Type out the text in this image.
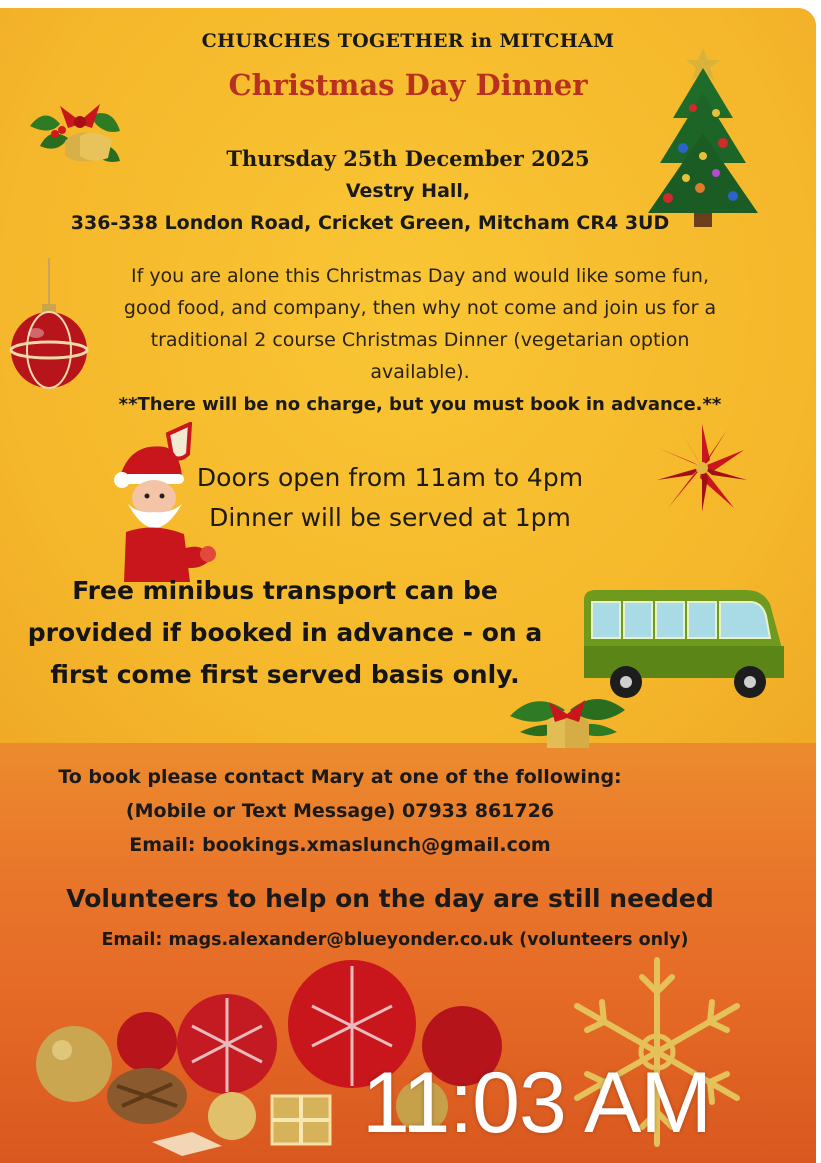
CHURCHES TOGETHER in MITCHAM
Christmas Day Dinner
Thursday 25th December 2025
Vestry Hall,
336-338 London Road, Cricket Green, Mitcham CR4 3UD
If you are alone this Christmas Day and would like some fun,
good food, and company, then why not come and join us for a
traditional 2 course Christmas Dinner (vegetarian option
available).
**There will be no charge, but you must book in advance.**
Doors open from 11am to 4pm
Dinner will be served at 1pm
Free minibus transport can be
provided if booked in advance - on a
first come first served basis only.
To book please contact Mary at one of the following:
(Mobile or Text Message) 07933 861726
Email: bookings.xmaslunch@gmail.com
Volunteers to help on the day are still needed
Email: mags.alexander@blueyonder.co.uk (volunteers only)
11:03 AM
